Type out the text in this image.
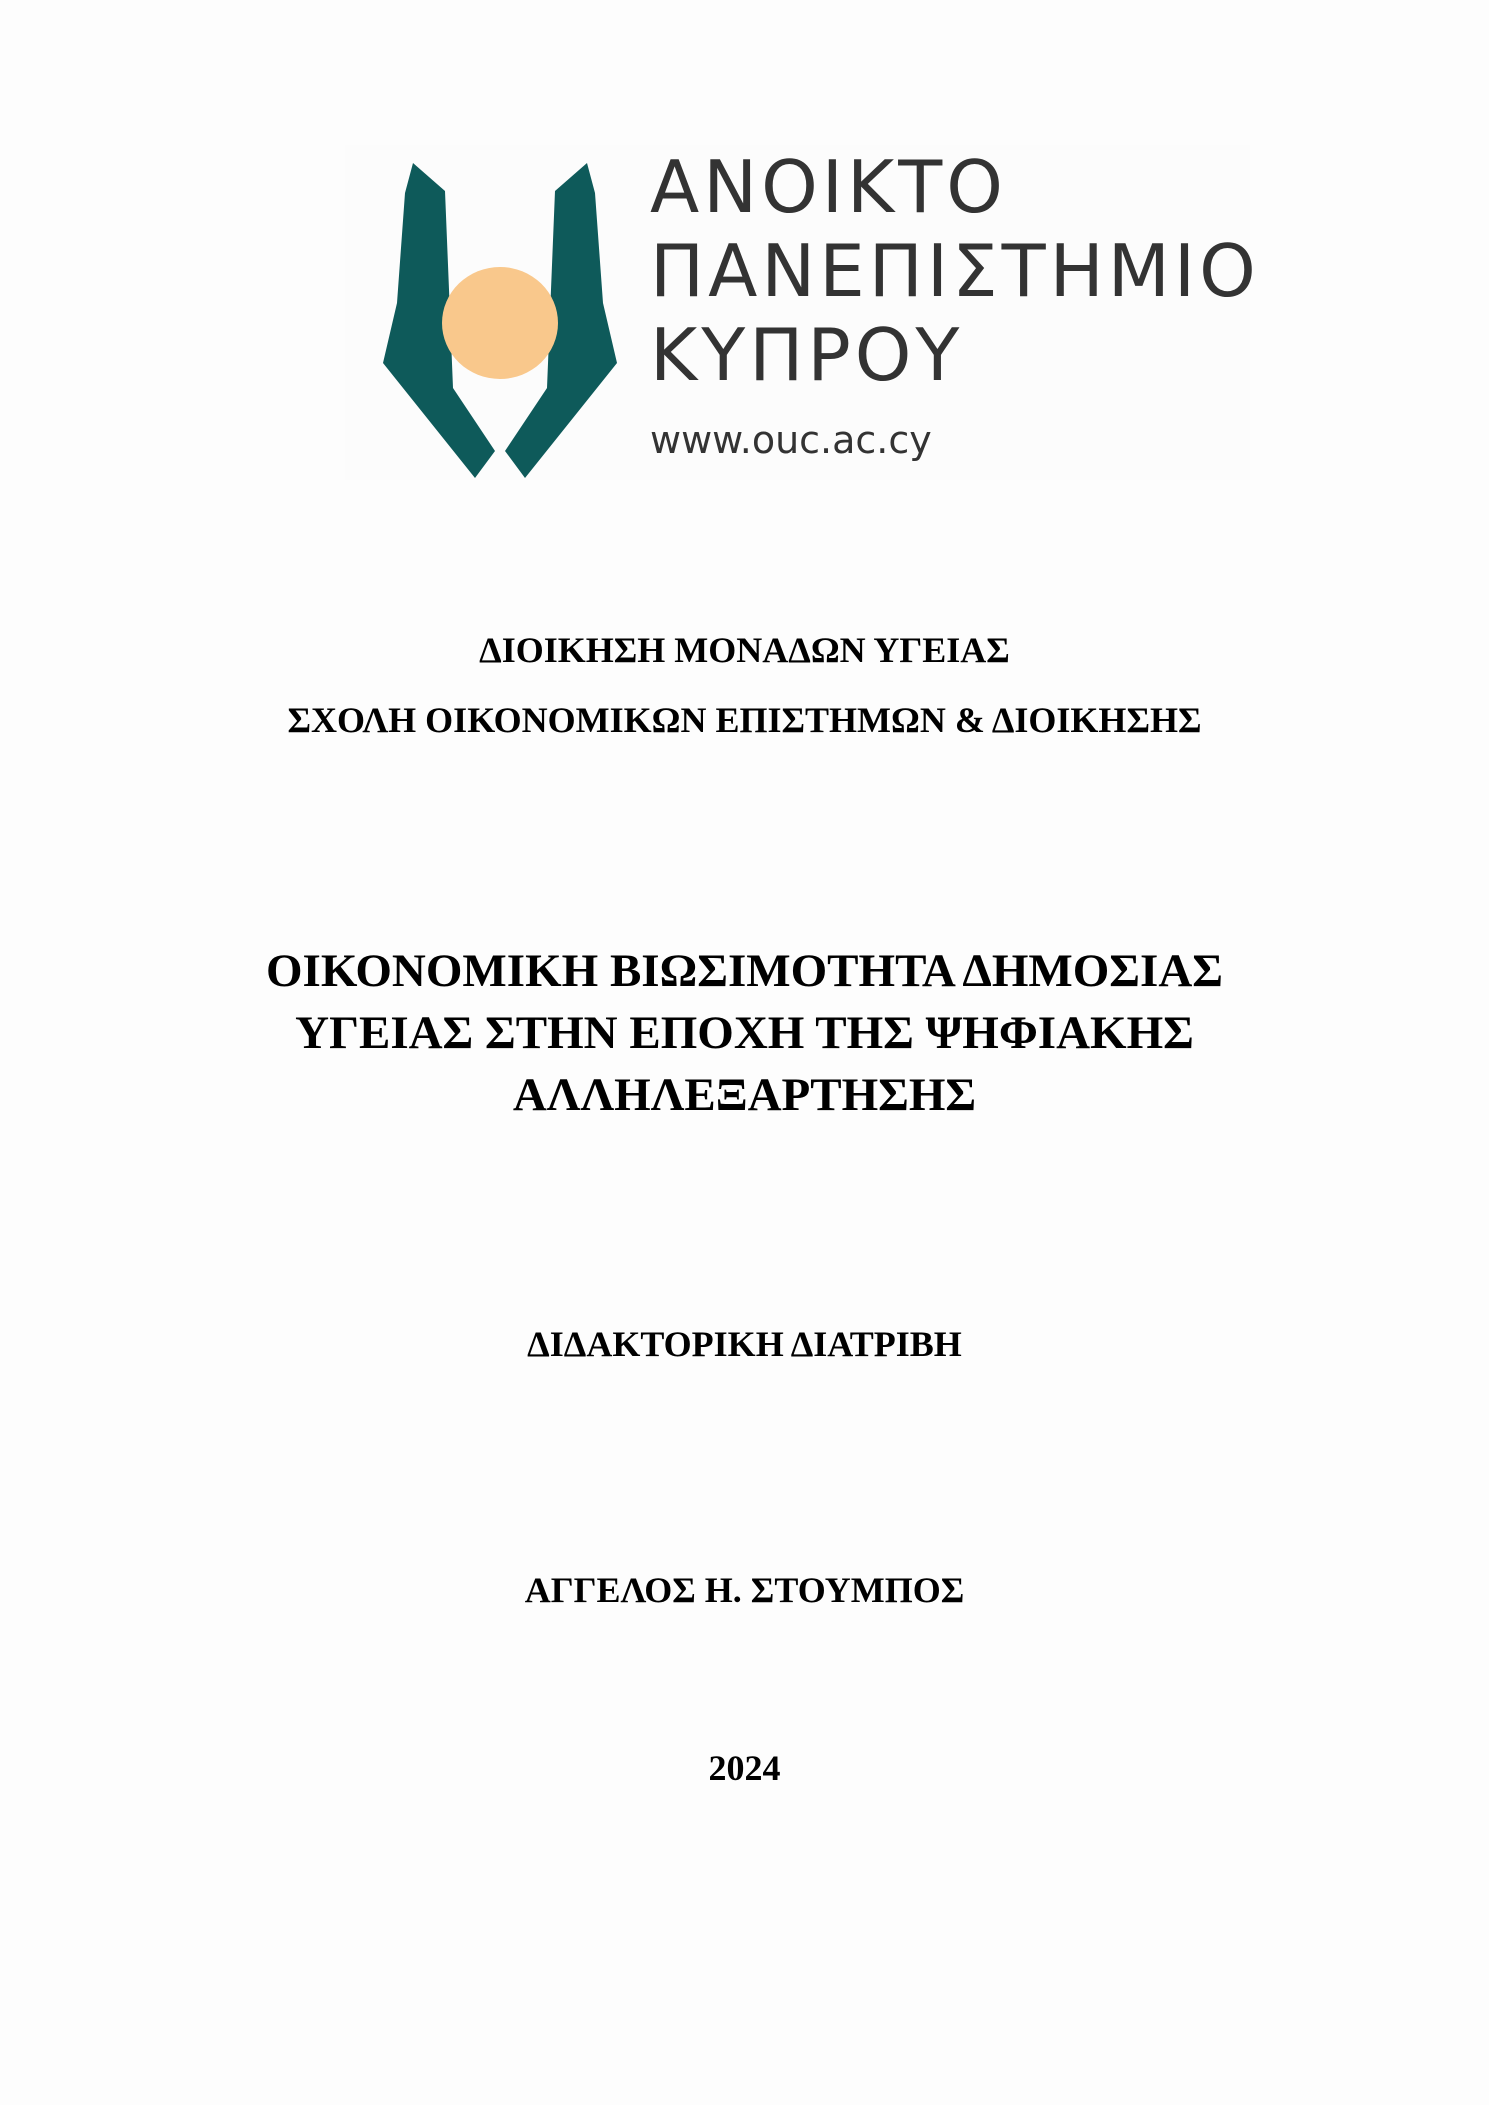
ΑΝΟΙΚΤΟ
ΠΑΝΕΠΙΣΤΗΜΙΟ
ΚΥΠΡΟΥ
www.ouc.ac.cy
ΔΙΟΙΚΗΣΗ ΜΟΝΑΔΩΝ ΥΓΕΙΑΣ
ΣΧΟΛΗ ΟΙΚΟΝΟΜΙΚΩΝ ΕΠΙΣΤΗΜΩΝ & ΔΙΟΙΚΗΣΗΣ
ΟΙΚΟΝΟΜΙΚΗ ΒΙΩΣΙΜΟΤΗΤΑ ΔΗΜΟΣΙΑΣ
ΥΓΕΙΑΣ ΣΤΗΝ ΕΠΟΧΗ ΤΗΣ ΨΗΦΙΑΚΗΣ
ΑΛΛΗΛΕΞΑΡΤΗΣΗΣ
ΔΙΔΑΚΤΟΡΙΚΗ ΔΙΑΤΡΙΒΗ
ΑΓΓΕΛΟΣ Η. ΣΤΟΥΜΠΟΣ
2024
